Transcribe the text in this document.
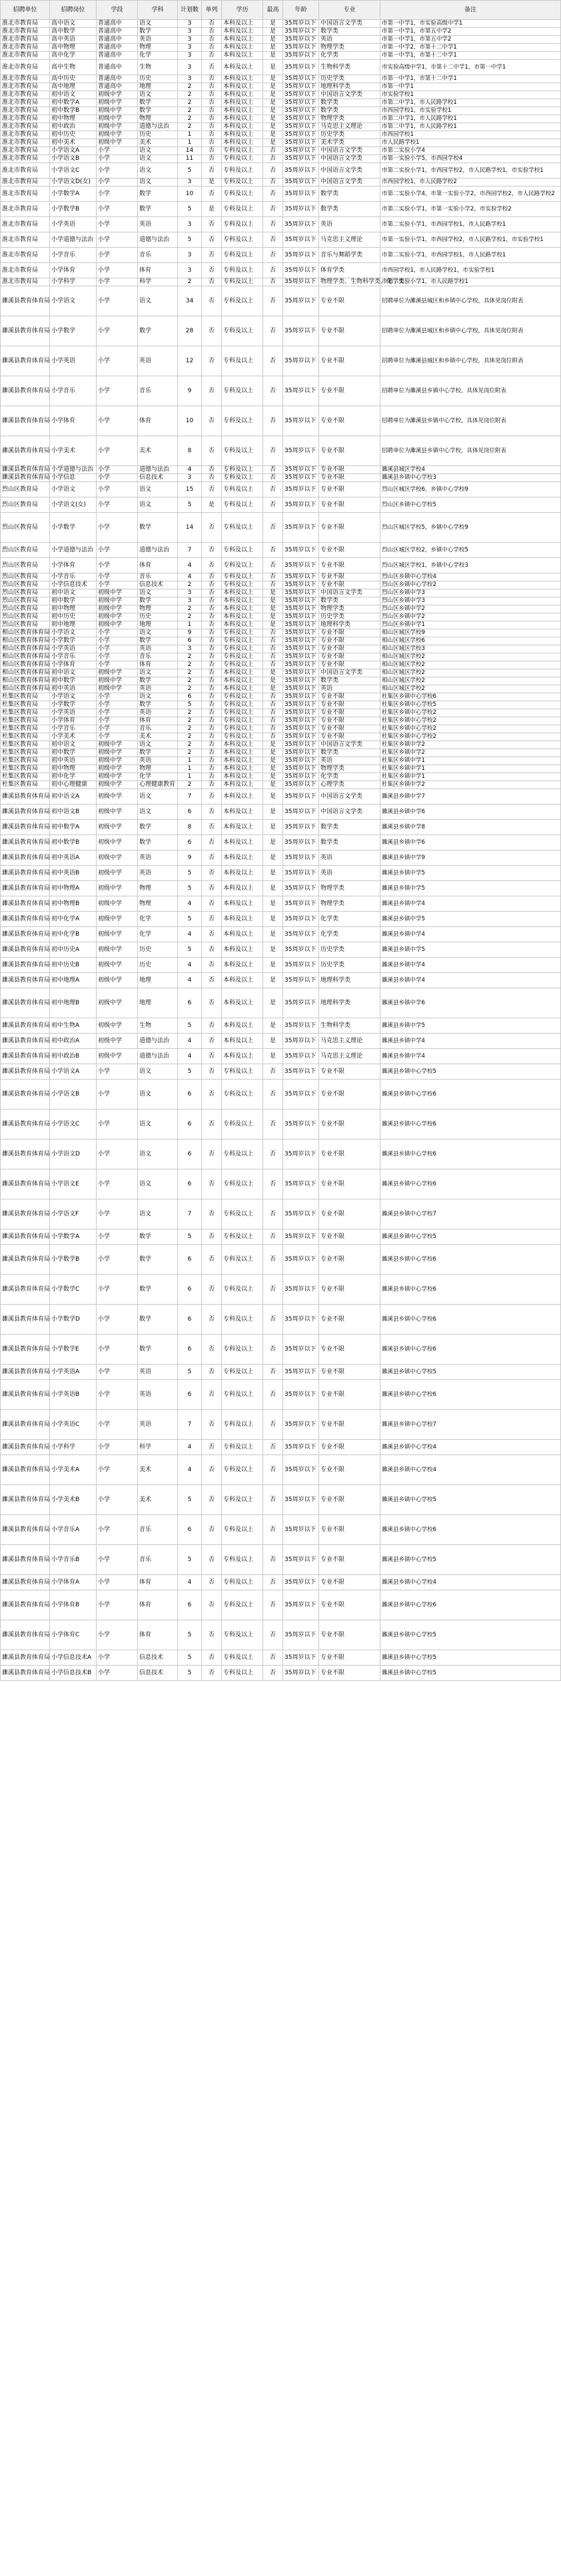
招聘单位	招聘岗位	学段	学科	计划数	单列	学历	最高	年龄	专业	备注
淮北市教育局	高中语文	普通高中	语文	3	否	本科及以上	是	35周岁以下	中国语言文学类	市第一中学1，市实验高级中学1
淮北市教育局	高中数学	普通高中	数学	3	否	本科及以上	是	35周岁以下	数学类	市第一中学1，市第五中学2
淮北市教育局	高中英语	普通高中	英语	3	否	本科及以上	是	35周岁以下	英语	市第一中学1，市第五中学2
淮北市教育局	高中物理	普通高中	物理	3	否	本科及以上	是	35周岁以下	物理学类	市第一中学2，市第十二中学1
淮北市教育局	高中化学	普通高中	化学	3	否	本科及以上	是	35周岁以下	化学类	市第一中学1，市第十二中学1
淮北市教育局	高中生物	普通高中	生物	3	否	本科及以上	是	35周岁以下	生物科学类	市实验高级中学1，市第十二中学1，市第一中学1
淮北市教育局	高中历史	普通高中	历史	3	否	本科及以上	是	35周岁以下	历史学类	市第一中学1，市第十二中学1
淮北市教育局	高中地理	普通高中	地理	2	否	本科及以上	是	35周岁以下	地理科学类	市第一中学1
淮北市教育局	初中语文	初级中学	语文	2	否	本科及以上	是	35周岁以下	中国语言文学类	市实验学校1
淮北市教育局	初中数学A	初级中学	数学	2	否	本科及以上	是	35周岁以下	数学类	市第二中学1，市人民路学校1
淮北市教育局	初中数学B	初级中学	数学	2	否	本科及以上	是	35周岁以下	数学类	市西园学校1，市实验学校1
淮北市教育局	初中物理	初级中学	物理	2	否	本科及以上	是	35周岁以下	物理学类	市第二中学1，市人民路学校1
淮北市教育局	初中政治	初级中学	道德与法治	2	否	本科及以上	是	35周岁以下	马克思主义理论	市第二中学1，市人民路学校1
淮北市教育局	初中历史	初级中学	历史	1	否	本科及以上	是	35周岁以下	历史学类	市西园学校1
淮北市教育局	初中美术	初级中学	美术	1	否	本科及以上	是	35周岁以下	美术学类	市人民路学校1
淮北市教育局	小学语文A	小学	语文	14	否	专科及以上	否	35周岁以下	中国语言文学类	市第二实验小学4
淮北市教育局	小学语文B	小学	语文	11	否	专科及以上	否	35周岁以下	中国语言文学类	市第一实验小学5，市西园学校4
淮北市教育局	小学语文C	小学	语文	5	否	专科及以上	否	35周岁以下	中国语言文学类	市第二实验小学1，市西园学校2，市人民路学校1，市实验学校1
淮北市教育局	小学语文D(女)	小学	语文	3	是	专科及以上	否	35周岁以下	中国语言文学类	市西园学校1，市人民路学校2
淮北市教育局	小学数学A	小学	数学	10	否	专科及以上	否	35周岁以下	数学类	市第二实验小学4，市第一实验小学2，市西园学校2，市人民路学校2
淮北市教育局	小学数学B	小学	数学	5	是	专科及以上	否	35周岁以下	数学类	市第二实验小学1，市第一实验小学2，市实验学校2
淮北市教育局	小学英语	小学	英语	3	否	专科及以上	否	35周岁以下	英语	市第二实验小学1，市西园学校1，市人民路学校1
淮北市教育局	小学道德与法治	小学	道德与法治	5	否	专科及以上	否	35周岁以下	马克思主义理论	市第一实验小学1，市西园学校2，市人民路学校1，市实验学校1
淮北市教育局	小学音乐	小学	音乐	3	否	专科及以上	否	35周岁以下	音乐与舞蹈学类	市第二实验小学1，市西园学校1，市人民路学校1
淮北市教育局	小学体育	小学	体育	3	否	专科及以上	否	35周岁以下	体育学类	市西园学校1，市人民路学校1，市实验学校1
淮北市教育局	小学科学	小学	科学	2	否	专科及以上	否	35周岁以下	物理学类、生物科学类、化学类	市第二实验小学1，市人民路学校1
濉溪县教育体育局	小学语文	小学	语文	34	否	专科及以上	否	35周岁以下	专业不限	招聘单位为濉溪县城区和乡镇中心学校，具体见岗位附表
濉溪县教育体育局	小学数学	小学	数学	28	否	专科及以上	否	35周岁以下	专业不限	招聘单位为濉溪县城区和乡镇中心学校，具体见岗位附表
濉溪县教育体育局	小学英语	小学	英语	12	否	专科及以上	否	35周岁以下	专业不限	招聘单位为濉溪县城区和乡镇中心学校，具体见岗位附表
濉溪县教育体育局	小学音乐	小学	音乐	9	否	专科及以上	否	35周岁以下	专业不限	招聘单位为濉溪县乡镇中心学校，具体见岗位附表
濉溪县教育体育局	小学体育	小学	体育	10	否	专科及以上	否	35周岁以下	专业不限	招聘单位为濉溪县乡镇中心学校，具体见岗位附表
濉溪县教育体育局	小学美术	小学	美术	8	否	专科及以上	否	35周岁以下	专业不限	招聘单位为濉溪县乡镇中心学校，具体见岗位附表
濉溪县教育体育局	小学道德与法治	小学	道德与法治	4	否	专科及以上	否	35周岁以下	专业不限	濉溪县城区学校4
濉溪县教育体育局	小学信息	小学	信息技术	3	否	专科及以上	否	35周岁以下	专业不限	濉溪县乡镇中心学校3
烈山区教育局	小学语文	小学	语文	15	否	专科及以上	否	35周岁以下	专业不限	烈山区城区学校6，乡镇中心学校9
烈山区教育局	小学语文(女)	小学	语文	5	是	专科及以上	否	35周岁以下	专业不限	烈山区乡镇中心学校5
烈山区教育局	小学数学	小学	数学	14	否	专科及以上	否	35周岁以下	专业不限	烈山区城区学校5，乡镇中心学校9
烈山区教育局	小学道德与法治	小学	道德与法治	7	否	专科及以上	否	35周岁以下	专业不限	烈山区城区学校2，乡镇中心学校5
烈山区教育局	小学体育	小学	体育	4	否	专科及以上	否	35周岁以下	专业不限	烈山区城区学校1，乡镇中心学校3
烈山区教育局	小学音乐	小学	音乐	4	否	专科及以上	否	35周岁以下	专业不限	烈山区乡镇中心学校4
烈山区教育局	小学信息技术	小学	信息技术	2	否	专科及以上	否	35周岁以下	专业不限	烈山区乡镇中心学校2
烈山区教育局	初中语文	初级中学	语文	3	否	本科及以上	是	35周岁以下	中国语言文学类	烈山区乡镇中学3
烈山区教育局	初中数学	初级中学	数学	3	否	本科及以上	是	35周岁以下	数学类	烈山区乡镇中学3
烈山区教育局	初中物理	初级中学	物理	2	否	本科及以上	是	35周岁以下	物理学类	烈山区乡镇中学2
烈山区教育局	初中历史	初级中学	历史	2	否	本科及以上	是	35周岁以下	历史学类	烈山区乡镇中学2
烈山区教育局	初中地理	初级中学	地理	1	否	本科及以上	是	35周岁以下	地理科学类	烈山区乡镇中学1
相山区教育体育局	小学语文	小学	语文	9	否	专科及以上	否	35周岁以下	专业不限	相山区城区学校9
相山区教育体育局	小学数学	小学	数学	6	否	专科及以上	否	35周岁以下	专业不限	相山区城区学校6
相山区教育体育局	小学英语	小学	英语	3	否	专科及以上	否	35周岁以下	专业不限	相山区城区学校3
相山区教育体育局	小学音乐	小学	音乐	2	否	专科及以上	否	35周岁以下	专业不限	相山区城区学校2
相山区教育体育局	小学体育	小学	体育	2	否	专科及以上	否	35周岁以下	专业不限	相山区城区学校2
相山区教育体育局	初中语文	初级中学	语文	2	否	本科及以上	是	35周岁以下	中国语言文学类	相山区城区学校2
相山区教育体育局	初中数学	初级中学	数学	2	否	本科及以上	是	35周岁以下	数学类	相山区城区学校2
相山区教育体育局	初中英语	初级中学	英语	2	否	本科及以上	是	35周岁以下	英语	相山区城区学校2
杜集区教育局	小学语文	小学	语文	6	否	专科及以上	否	35周岁以下	专业不限	杜集区乡镇中心学校6
杜集区教育局	小学数学	小学	数学	5	否	专科及以上	否	35周岁以下	专业不限	杜集区乡镇中心学校5
杜集区教育局	小学英语	小学	英语	2	否	专科及以上	否	35周岁以下	专业不限	杜集区乡镇中心学校2
杜集区教育局	小学体育	小学	体育	2	否	专科及以上	否	35周岁以下	专业不限	杜集区乡镇中心学校2
杜集区教育局	小学音乐	小学	音乐	2	否	专科及以上	否	35周岁以下	专业不限	杜集区乡镇中心学校2
杜集区教育局	小学美术	小学	美术	2	否	专科及以上	否	35周岁以下	专业不限	杜集区乡镇中心学校2
杜集区教育局	初中语文	初级中学	语文	2	否	本科及以上	是	35周岁以下	中国语言文学类	杜集区乡镇中学2
杜集区教育局	初中数学	初级中学	数学	2	否	本科及以上	是	35周岁以下	数学类	杜集区乡镇中学2
杜集区教育局	初中英语	初级中学	英语	1	否	本科及以上	是	35周岁以下	英语	杜集区乡镇中学1
杜集区教育局	初中物理	初级中学	物理	1	否	本科及以上	是	35周岁以下	物理学类	杜集区乡镇中学1
杜集区教育局	初中化学	初级中学	化学	1	否	本科及以上	是	35周岁以下	化学类	杜集区乡镇中学1
杜集区教育局	初中心理健康	初级中学	心理健康教育	2	否	本科及以上	是	35周岁以下	心理学类	杜集区乡镇中学2
濉溪县教育体育局	初中语文A	初级中学	语文	7	否	本科及以上	是	35周岁以下	中国语言文学类	濉溪县乡镇中学7
濉溪县教育体育局	初中语文B	初级中学	语文	6	否	本科及以上	是	35周岁以下	中国语言文学类	濉溪县乡镇中学6
濉溪县教育体育局	初中数学A	初级中学	数学	8	否	本科及以上	是	35周岁以下	数学类	濉溪县乡镇中学8
濉溪县教育体育局	初中数学B	初级中学	数学	6	否	本科及以上	是	35周岁以下	数学类	濉溪县乡镇中学6
濉溪县教育体育局	初中英语A	初级中学	英语	9	否	本科及以上	是	35周岁以下	英语	濉溪县乡镇中学9
濉溪县教育体育局	初中英语B	初级中学	英语	5	否	本科及以上	是	35周岁以下	英语	濉溪县乡镇中学5
濉溪县教育体育局	初中物理A	初级中学	物理	5	否	本科及以上	是	35周岁以下	物理学类	濉溪县乡镇中学5
濉溪县教育体育局	初中物理B	初级中学	物理	4	否	本科及以上	是	35周岁以下	物理学类	濉溪县乡镇中学4
濉溪县教育体育局	初中化学A	初级中学	化学	5	否	本科及以上	是	35周岁以下	化学类	濉溪县乡镇中学5
濉溪县教育体育局	初中化学B	初级中学	化学	4	否	本科及以上	是	35周岁以下	化学类	濉溪县乡镇中学4
濉溪县教育体育局	初中历史A	初级中学	历史	5	否	本科及以上	是	35周岁以下	历史学类	濉溪县乡镇中学5
濉溪县教育体育局	初中历史B	初级中学	历史	4	否	本科及以上	是	35周岁以下	历史学类	濉溪县乡镇中学4
濉溪县教育体育局	初中地理A	初级中学	地理	4	否	本科及以上	是	35周岁以下	地理科学类	濉溪县乡镇中学4
濉溪县教育体育局	初中地理B	初级中学	地理	6	否	本科及以上	是	35周岁以下	地理科学类	濉溪县乡镇中学6
濉溪县教育体育局	初中生物A	初级中学	生物	5	否	本科及以上	是	35周岁以下	生物科学类	濉溪县乡镇中学5
濉溪县教育体育局	初中政治A	初级中学	道德与法治	4	否	本科及以上	是	35周岁以下	马克思主义理论	濉溪县乡镇中学4
濉溪县教育体育局	初中政治B	初级中学	道德与法治	4	否	本科及以上	是	35周岁以下	马克思主义理论	濉溪县乡镇中学4
濉溪县教育体育局	小学语文A	小学	语文	5	否	专科及以上	否	35周岁以下	专业不限	濉溪县乡镇中心学校5
濉溪县教育体育局	小学语文B	小学	语文	6	否	专科及以上	否	35周岁以下	专业不限	濉溪县乡镇中心学校6
濉溪县教育体育局	小学语文C	小学	语文	6	否	专科及以上	否	35周岁以下	专业不限	濉溪县乡镇中心学校6
濉溪县教育体育局	小学语文D	小学	语文	6	否	专科及以上	否	35周岁以下	专业不限	濉溪县乡镇中心学校6
濉溪县教育体育局	小学语文E	小学	语文	6	否	专科及以上	否	35周岁以下	专业不限	濉溪县乡镇中心学校6
濉溪县教育体育局	小学语文F	小学	语文	7	否	专科及以上	否	35周岁以下	专业不限	濉溪县乡镇中心学校7
濉溪县教育体育局	小学数学A	小学	数学	5	否	专科及以上	否	35周岁以下	专业不限	濉溪县乡镇中心学校5
濉溪县教育体育局	小学数学B	小学	数学	6	否	专科及以上	否	35周岁以下	专业不限	濉溪县乡镇中心学校6
濉溪县教育体育局	小学数学C	小学	数学	6	否	专科及以上	否	35周岁以下	专业不限	濉溪县乡镇中心学校6
濉溪县教育体育局	小学数学D	小学	数学	6	否	专科及以上	否	35周岁以下	专业不限	濉溪县乡镇中心学校6
濉溪县教育体育局	小学数学E	小学	数学	6	否	专科及以上	否	35周岁以下	专业不限	濉溪县乡镇中心学校6
濉溪县教育体育局	小学英语A	小学	英语	5	否	专科及以上	否	35周岁以下	专业不限	濉溪县乡镇中心学校5
濉溪县教育体育局	小学英语B	小学	英语	6	否	专科及以上	否	35周岁以下	专业不限	濉溪县乡镇中心学校6
濉溪县教育体育局	小学英语C	小学	英语	7	否	专科及以上	否	35周岁以下	专业不限	濉溪县乡镇中心学校7
濉溪县教育体育局	小学科学	小学	科学	4	否	专科及以上	否	35周岁以下	专业不限	濉溪县乡镇中心学校4
濉溪县教育体育局	小学美术A	小学	美术	4	否	专科及以上	否	35周岁以下	专业不限	濉溪县乡镇中心学校4
濉溪县教育体育局	小学美术B	小学	美术	5	否	专科及以上	否	35周岁以下	专业不限	濉溪县乡镇中心学校5
濉溪县教育体育局	小学音乐A	小学	音乐	6	否	专科及以上	否	35周岁以下	专业不限	濉溪县乡镇中心学校6
濉溪县教育体育局	小学音乐B	小学	音乐	5	否	专科及以上	否	35周岁以下	专业不限	濉溪县乡镇中心学校5
濉溪县教育体育局	小学体育A	小学	体育	4	否	专科及以上	否	35周岁以下	专业不限	濉溪县乡镇中心学校4
濉溪县教育体育局	小学体育B	小学	体育	6	否	专科及以上	否	35周岁以下	专业不限	濉溪县乡镇中心学校6
濉溪县教育体育局	小学体育C	小学	体育	5	否	专科及以上	否	35周岁以下	专业不限	濉溪县乡镇中心学校5
濉溪县教育体育局	小学信息技术A	小学	信息技术	5	否	专科及以上	否	35周岁以下	专业不限	濉溪县乡镇中心学校5
濉溪县教育体育局	小学信息技术B	小学	信息技术	5	否	专科及以上	否	35周岁以下	专业不限	濉溪县乡镇中心学校5
